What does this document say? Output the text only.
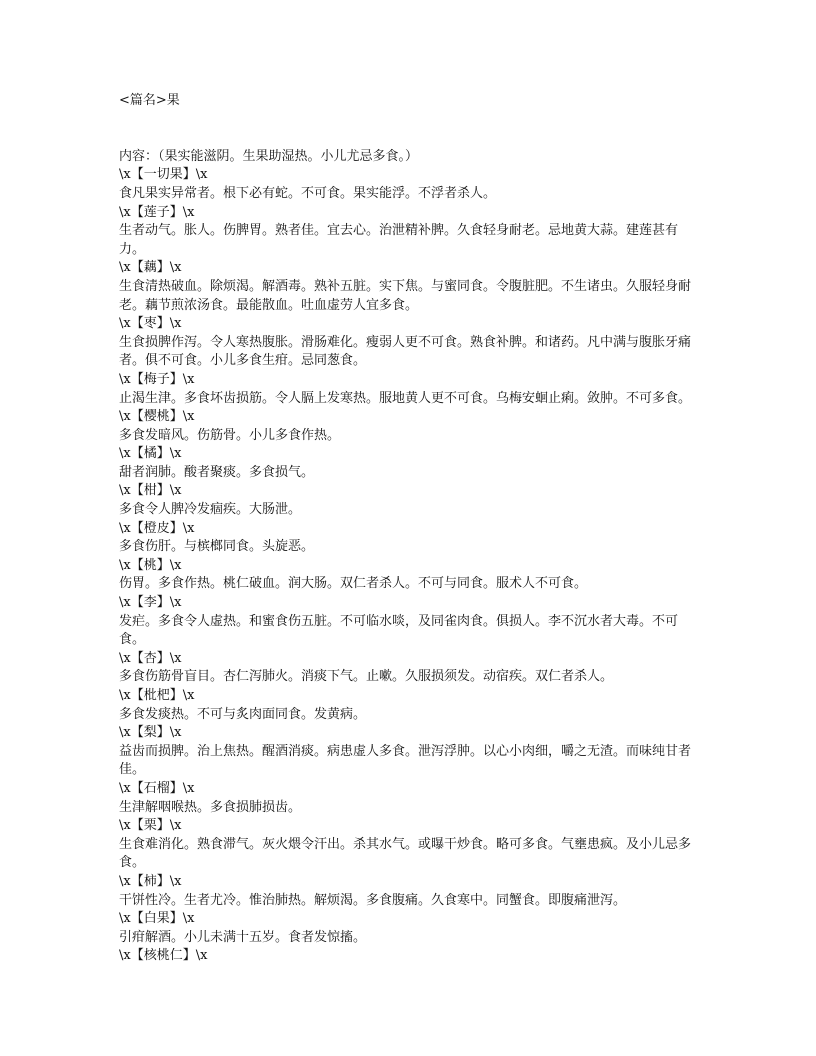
<篇名>果

内容：（果实能滋阴。生果助湿热。小儿尤忌多食。）

\x【一切果】\x

食凡果实异常者。根下必有蛇。不可食。果实能浮。不浮者杀人。

\x【莲子】\x

生者动气。胀人。伤脾胃。熟者佳。宜去心。治泄精补脾。久食轻身耐老。忌地黄大蒜。建莲甚有力。

\x【藕】\x

生食清热破血。除烦渴。解酒毒。熟补五脏。实下焦。与蜜同食。令腹脏肥。不生诸虫。久服轻身耐老。藕节煎浓汤食。最能散血。吐血虚劳人宜多食。

\x【枣】\x

生食损脾作泻。令人寒热腹胀。滑肠难化。瘦弱人更不可食。熟食补脾。和诸药。凡中满与腹胀牙痛者。俱不可食。小儿多食生疳。忌同葱食。

\x【梅子】\x

止渴生津。多食坏齿损筋。令人膈上发寒热。服地黄人更不可食。乌梅安蛔止痢。敛肿。不可多食。

\x【樱桃】\x

多食发暗风。伤筋骨。小儿多食作热。

\x【橘】\x

甜者润肺。酸者聚痰。多食损气。

\x【柑】\x

多食令人脾冷发痼疾。大肠泄。

\x【橙皮】\x

多食伤肝。与槟榔同食。头旋恶。

\x【桃】\x

伤胃。多食作热。桃仁破血。润大肠。双仁者杀人。不可与同食。服术人不可食。

\x【李】\x

发疟。多食令人虚热。和蜜食伤五脏。不可临水啖，及同雀肉食。俱损人。李不沉水者大毒。不可食。

\x【杏】\x

多食伤筋骨盲目。杏仁泻肺火。消痰下气。止嗽。久服损须发。动宿疾。双仁者杀人。

\x【枇杷】\x

多食发痰热。不可与炙肉面同食。发黄病。

\x【梨】\x

益齿而损脾。治上焦热。醒酒消痰。病患虚人多食。泄泻浮肿。以心小肉细，嚼之无渣。而味纯甘者佳。

\x【石榴】\x

生津解咽喉热。多食损肺损齿。

\x【栗】\x

生食难消化。熟食滞气。灰火煨令汗出。杀其水气。或曝干炒食。略可多食。气壅患疯。及小儿忌多食。

\x【柿】\x

干饼性冷。生者尤冷。惟治肺热。解烦渴。多食腹痛。久食寒中。同蟹食。即腹痛泄泻。

\x【白果】\x

引疳解酒。小儿未满十五岁。食者发惊搐。

\x【核桃仁】\x
